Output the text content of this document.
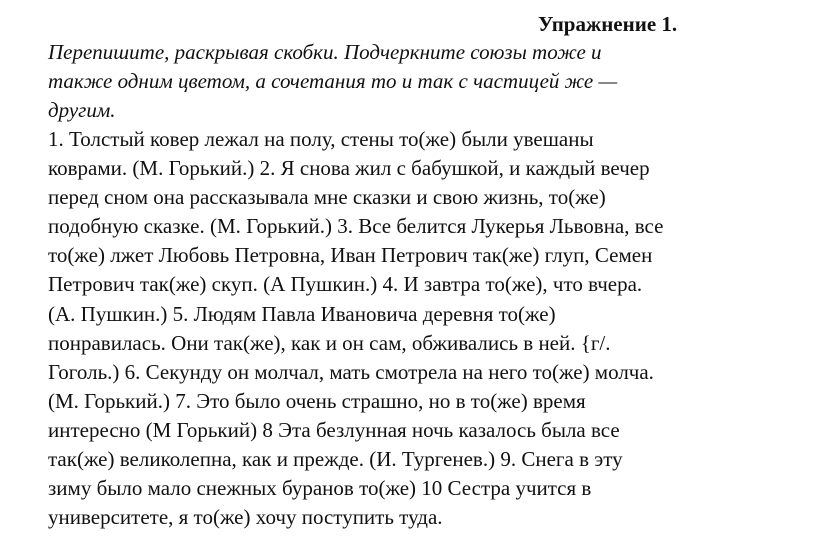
Упражнение 1.
Перепишите, раскрывая скобки. Подчеркните союзы тоже и
также одним цветом, а сочетания то и так с частицей же —
другим.
1. Толстый ковер лежал на полу, стены то(же) были увешаны
коврами. (М. Горький.) 2. Я снова жил с бабушкой, и каждый вечер
перед сном она рассказывала мне сказки и свою жизнь, то(же)
подобную сказке. (М. Горький.) 3. Все белится Лукерья Львовна, все
то(же) лжет Любовь Петровна, Иван Петрович так(же) глуп, Семен
Петрович так(же) скуп. (А Пушкин.) 4. И завтра то(же), что вчера.
(А. Пушкин.) 5. Людям Павла Ивановича деревня то(же)
понравилась. Они так(же), как и он сам, обживались в ней. {г/.
Гоголь.) 6. Секунду он молчал, мать смотрела на него то(же) молча.
(М. Горький.) 7. Это было очень страшно, но в то(же) время
интересно (М Горький) 8 Эта безлунная ночь казалось была все
так(же) великолепна, как и прежде. (И. Тургенев.) 9. Снега в эту
зиму было мало снежных буранов то(же) 10 Сестра учится в
университете, я то(же) хочу поступить туда.
